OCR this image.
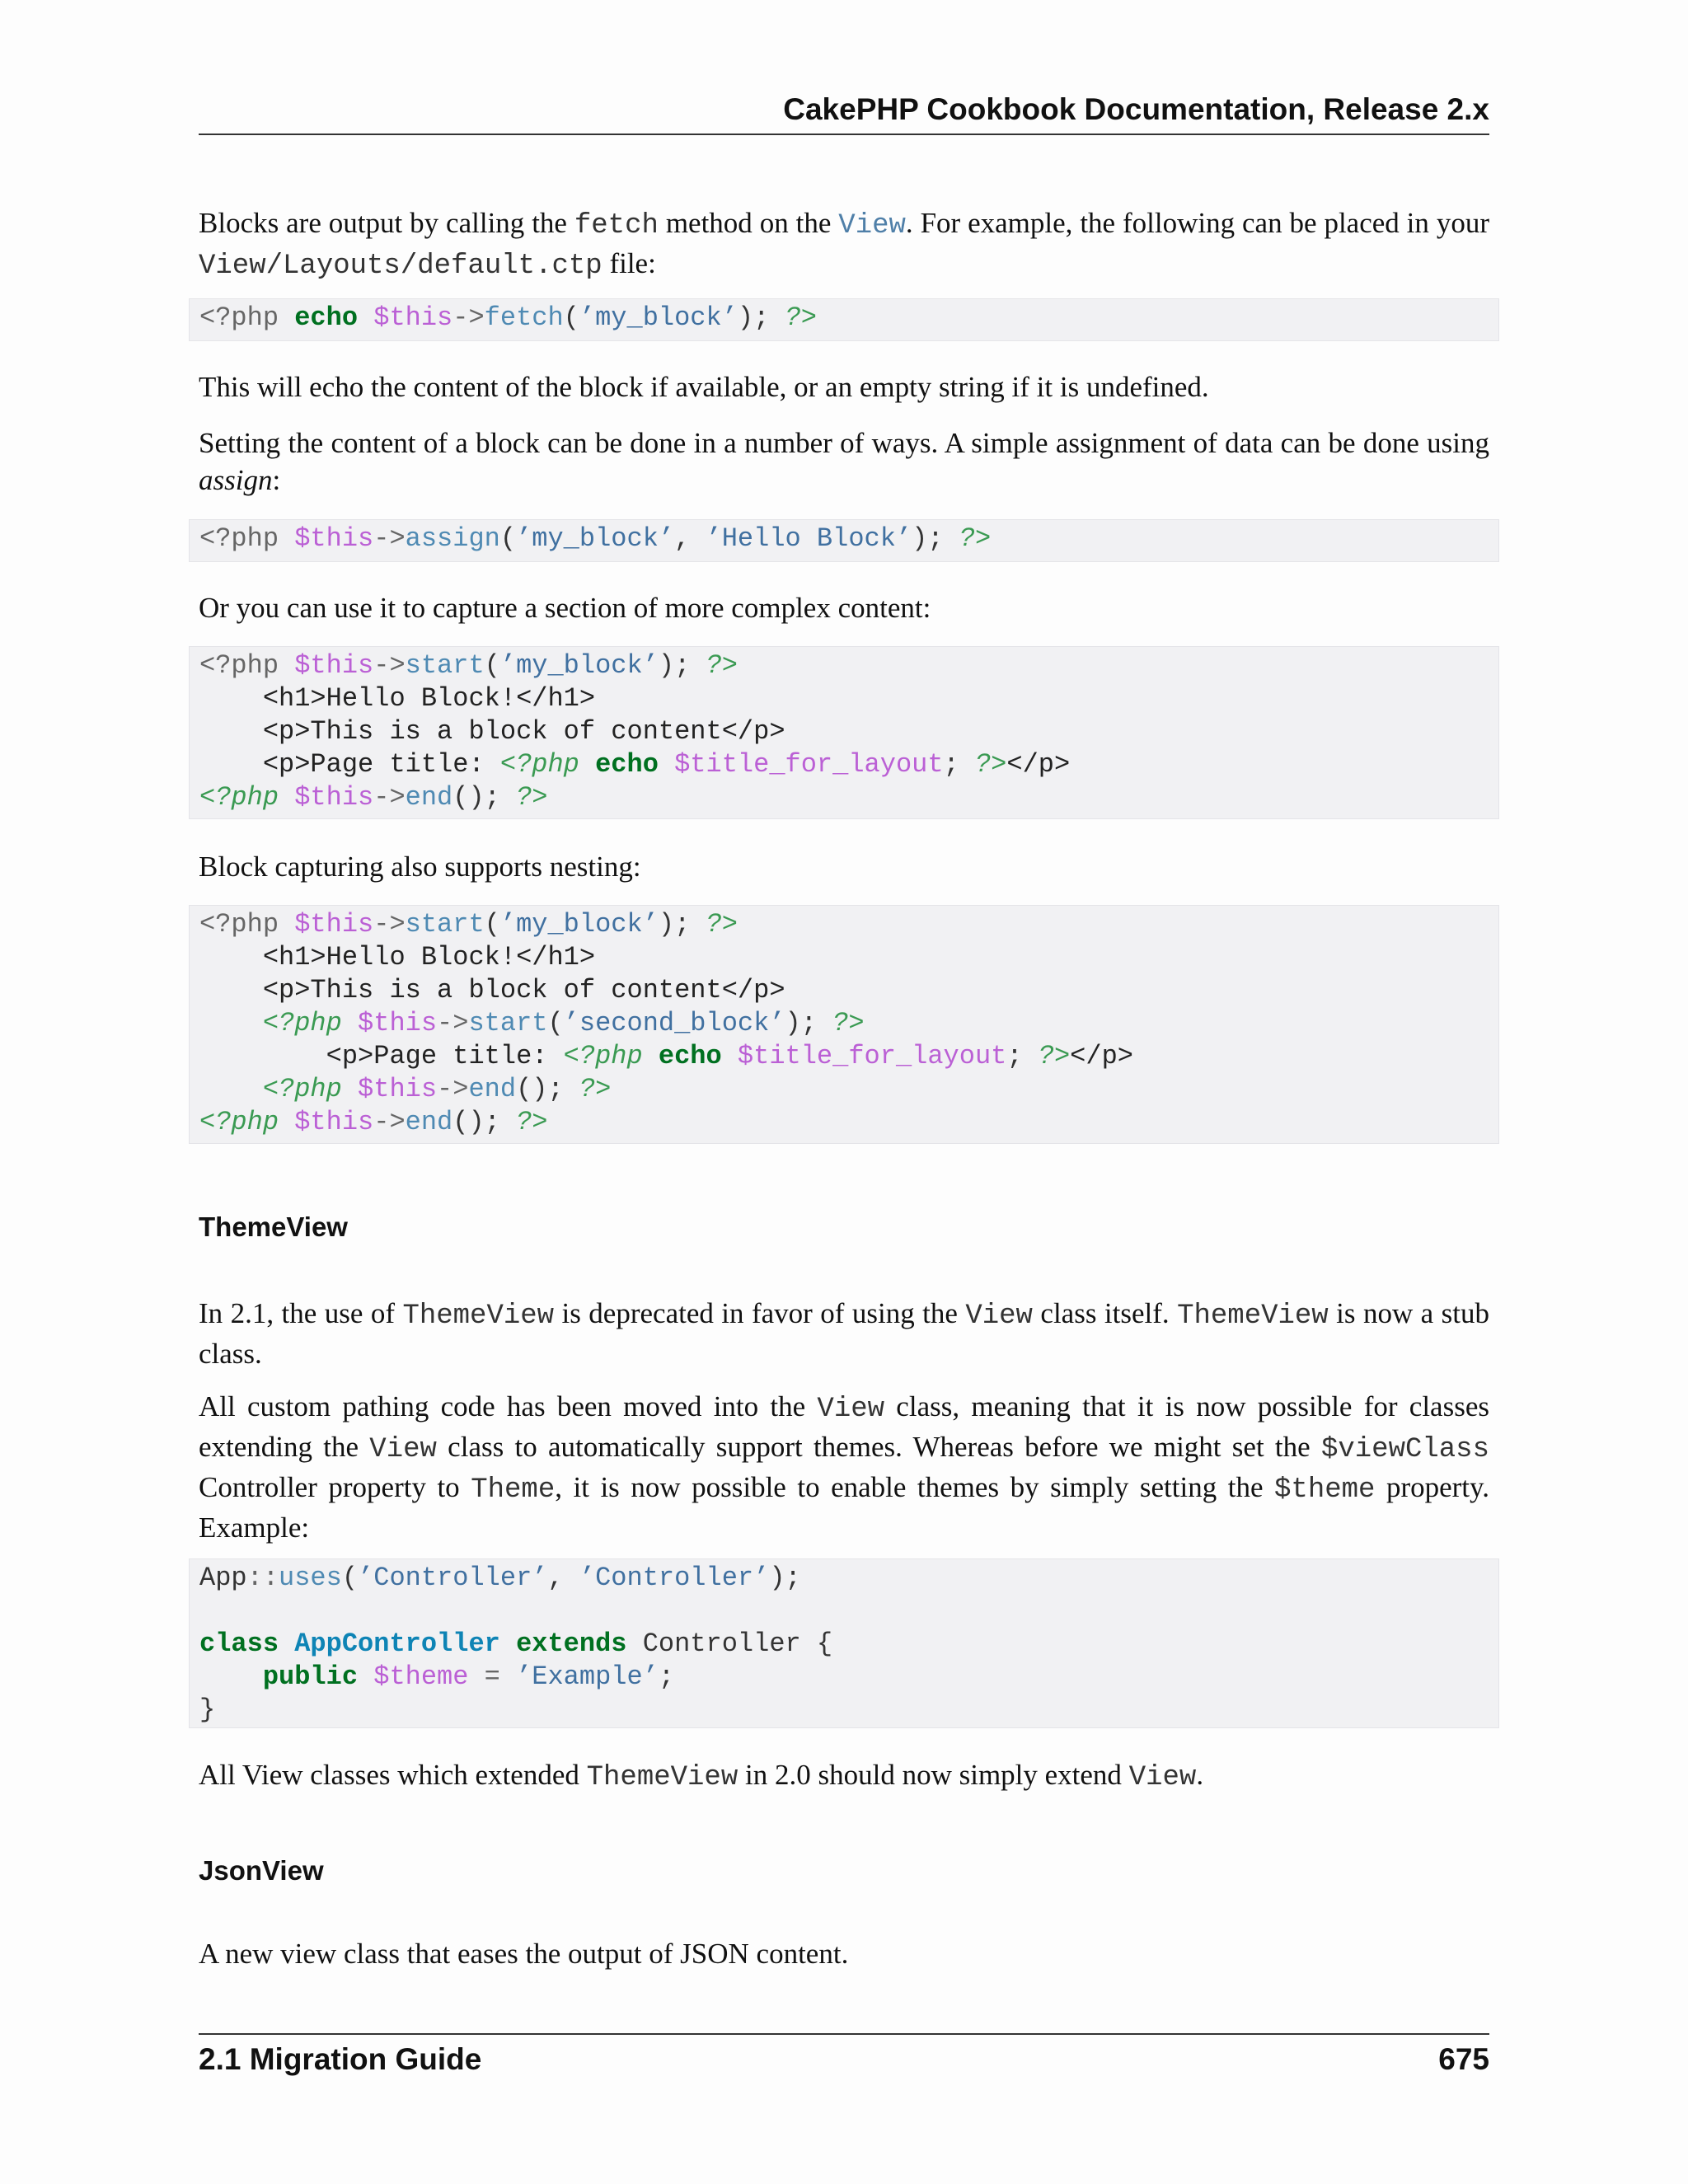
CakePHP Cookbook Documentation, Release 2.x
Blocks are output by calling the fetch method on the View. For example, the following can be placed in your View/Layouts/default.ctp file:
<?php echo $this->fetch(’my_block’); ?>
This will echo the content of the block if available, or an empty string if it is undefined.
Setting the content of a block can be done in a number of ways. A simple assignment of data can be done using assign:
<?php $this->assign(’my_block’, ’Hello Block’); ?>
Or you can use it to capture a section of more complex content:
<?php $this->start(’my_block’); ?>
<h1>Hello Block!</h1>
<p>This is a block of content</p>
<p>Page title: <?php echo $title_for_layout; ?></p>
<?php $this->end(); ?>
Block capturing also supports nesting:
<?php $this->start(’my_block’); ?>
<h1>Hello Block!</h1>
<p>This is a block of content</p>
<?php $this->start(’second_block’); ?>
<p>Page title: <?php echo $title_for_layout; ?></p>
<?php $this->end(); ?>
<?php $this->end(); ?>
ThemeView
In 2.1, the use of ThemeView is deprecated in favor of using the View class itself. ThemeView is now a stub class.
All custom pathing code has been moved into the View class, meaning that it is now possible for classes extending the View class to automatically support themes. Whereas before we might set the $viewClass Controller property to Theme, it is now possible to enable themes by simply setting the $theme property. Example:
App::uses(’Controller’, ’Controller’);
class AppController extends Controller {
public $theme = ’Example’;
}
All View classes which extended ThemeView in 2.0 should now simply extend View.
JsonView
A new view class that eases the output of JSON content.
2.1 Migration Guide	675
